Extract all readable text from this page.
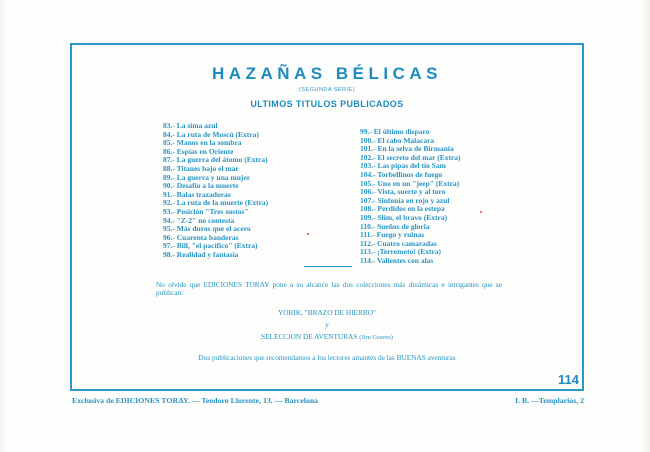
HAZAÑAS BÉLICAS
(SEGUNDA SERIE)
ULTIMOS TITULOS PUBLICADOS
83.- La sima azul
84.- La ruta de Moscú (Extra)
85.- Manos en la sombra
86.- Espías en Oriente
87.- La guerra del átomo (Extra)
88.- Titanes bajo el mar
89.- La guerra y una mujer
90.- Desafío a la muerte
91.- Balas trazadoras
92.- La ruta de la muerte (Extra)
93.- Posición "Tres sustos"
94.- "Z-2" no contesta
95.- Más duros que el acero
96.- Cuarenta banderas
97.- Bill, "el pacífico" (Extra)
98.- Realidad y fantasía
99.- El último disparo
100.- El cabo Malacara
101.- En la selva de Birmania
102.- El secreto del mar (Extra)
103.- Las pipas del tío Sam
104.- Torbellinos de fuego
105.- Uno en un "jeep" (Extra)
106.- Vista, suerte y al toro
107.- Sinfonía en rojo y azul
108.- Perdidos en la estepa
109.- Slim, el bravo (Extra)
110.- Sueños de gloria
111.- Fuego y ruinas
112.- Cuatro camaradas
113.- ¡Terremoto! (Extra)
114.- Valientes con alas
No olvide que EDICIONES TORAY pone a su alcance las dos colecciones más dinámicas e intrigantes que se publican:
YORIK, "BRAZO DE HIERRO"
y
SELECCION DE AVENTURAS (Jim Graves)
Dos publicaciones que recomendamos a los lectores amantes de las BUENAS aventuras
114
Exclusiva de EDICIONES TORAY. — Teodoro Llorente, 13. — Barcelona	I. B. —Templarios, 2
